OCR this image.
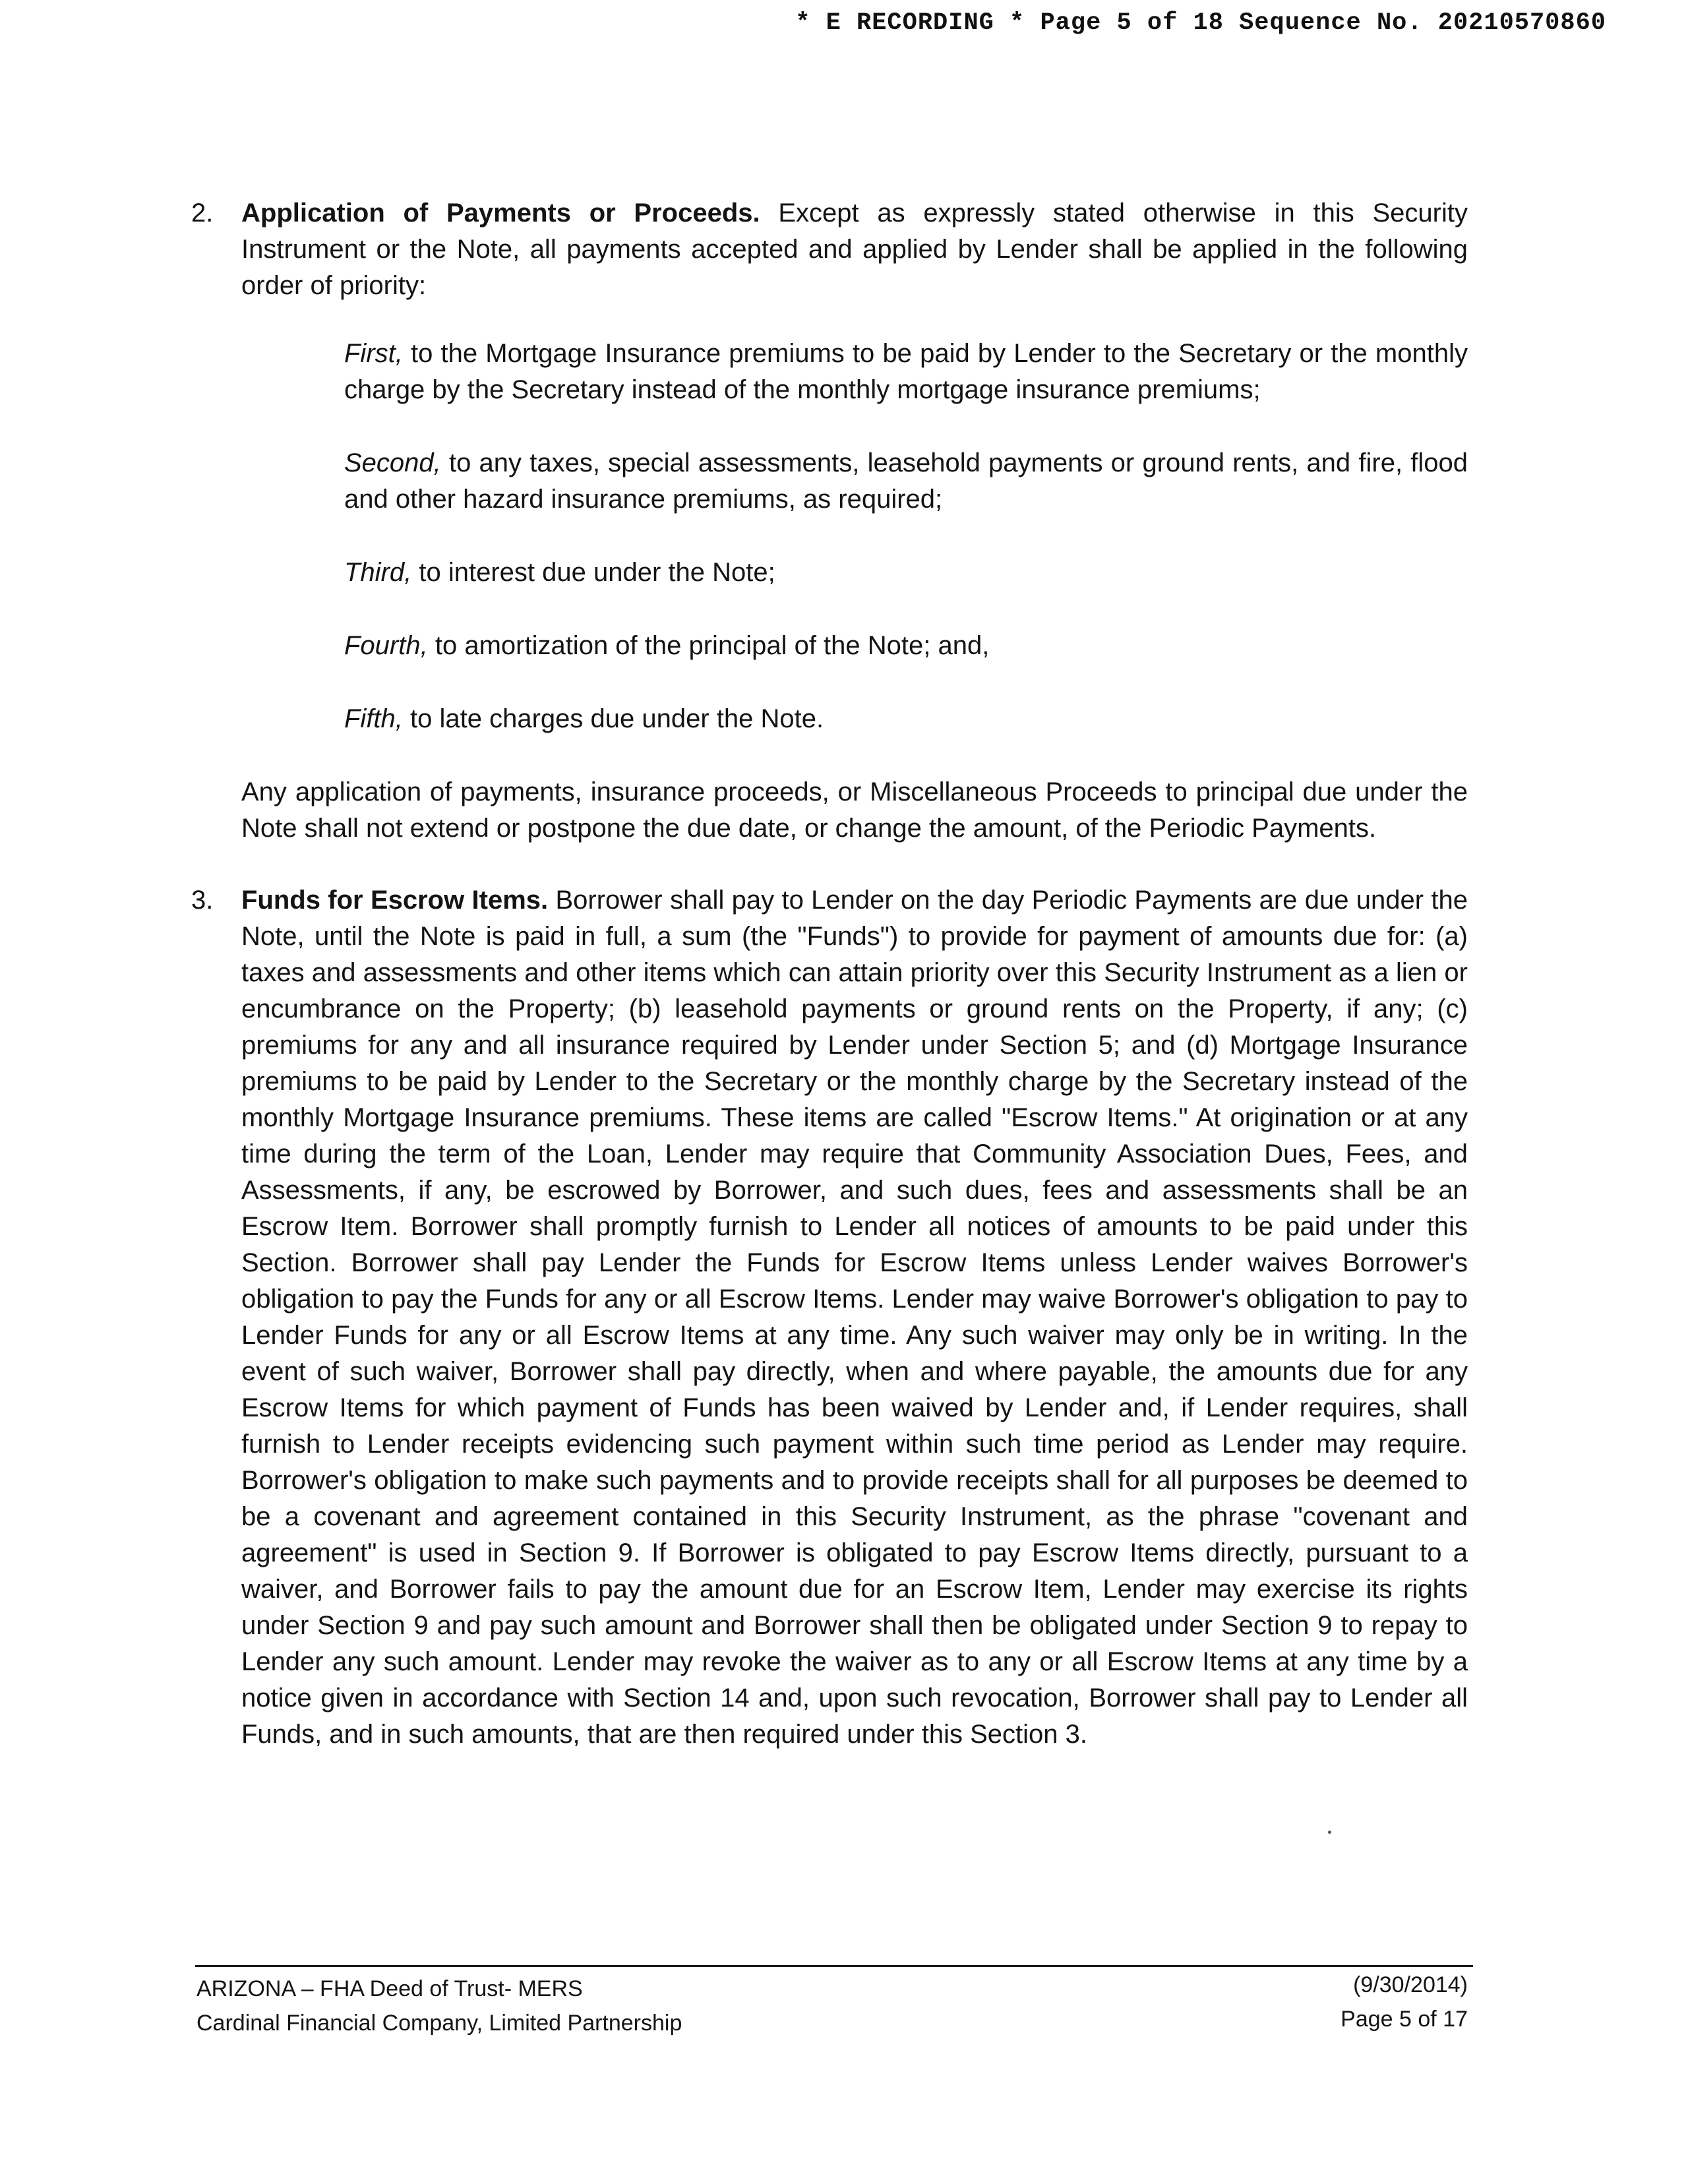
* E RECORDING * Page 5 of 18 Sequence No. 20210570860
2. Application of Payments or Proceeds. Except as expressly stated otherwise in this Security Instrument or the Note, all payments accepted and applied by Lender shall be applied in the following order of priority:

First, to the Mortgage Insurance premiums to be paid by Lender to the Secretary or the monthly charge by the Secretary instead of the monthly mortgage insurance premiums;
Second, to any taxes, special assessments, leasehold payments or ground rents, and fire, flood and other hazard insurance premiums, as required;
Third, to interest due under the Note;
Fourth, to amortization of the principal of the Note; and,
Fifth, to late charges due under the Note.

Any application of payments, insurance proceeds, or Miscellaneous Proceeds to principal due under the Note shall not extend or postpone the due date, or change the amount, of the Periodic Payments.

3. Funds for Escrow Items. Borrower shall pay to Lender on the day Periodic Payments are due under the Note, until the Note is paid in full, a sum (the "Funds") to provide for payment of amounts due for: (a) taxes and assessments and other items which can attain priority over this Security Instrument as a lien or encumbrance on the Property; (b) leasehold payments or ground rents on the Property, if any; (c) premiums for any and all insurance required by Lender under Section 5; and (d) Mortgage Insurance premiums to be paid by Lender to the Secretary or the monthly charge by the Secretary instead of the monthly Mortgage Insurance premiums. These items are called "Escrow Items." At origination or at any time during the term of the Loan, Lender may require that Community Association Dues, Fees, and Assessments, if any, be escrowed by Borrower, and such dues, fees and assessments shall be an Escrow Item. Borrower shall promptly furnish to Lender all notices of amounts to be paid under this Section. Borrower shall pay Lender the Funds for Escrow Items unless Lender waives Borrower's obligation to pay the Funds for any or all Escrow Items. Lender may waive Borrower's obligation to pay to Lender Funds for any or all Escrow Items at any time. Any such waiver may only be in writing. In the event of such waiver, Borrower shall pay directly, when and where payable, the amounts due for any Escrow Items for which payment of Funds has been waived by Lender and, if Lender requires, shall furnish to Lender receipts evidencing such payment within such time period as Lender may require. Borrower's obligation to make such payments and to provide receipts shall for all purposes be deemed to be a covenant and agreement contained in this Security Instrument, as the phrase "covenant and agreement" is used in Section 9. If Borrower is obligated to pay Escrow Items directly, pursuant to a waiver, and Borrower fails to pay the amount due for an Escrow Item, Lender may exercise its rights under Section 9 and pay such amount and Borrower shall then be obligated under Section 9 to repay to Lender any such amount. Lender may revoke the waiver as to any or all Escrow Items at any time by a notice given in accordance with Section 14 and, upon such revocation, Borrower shall pay to Lender all Funds, and in such amounts, that are then required under this Section 3.

ARIZONA – FHA Deed of Trust- MERS
Cardinal Financial Company, Limited Partnership
(9/30/2014)
Page 5 of 17
